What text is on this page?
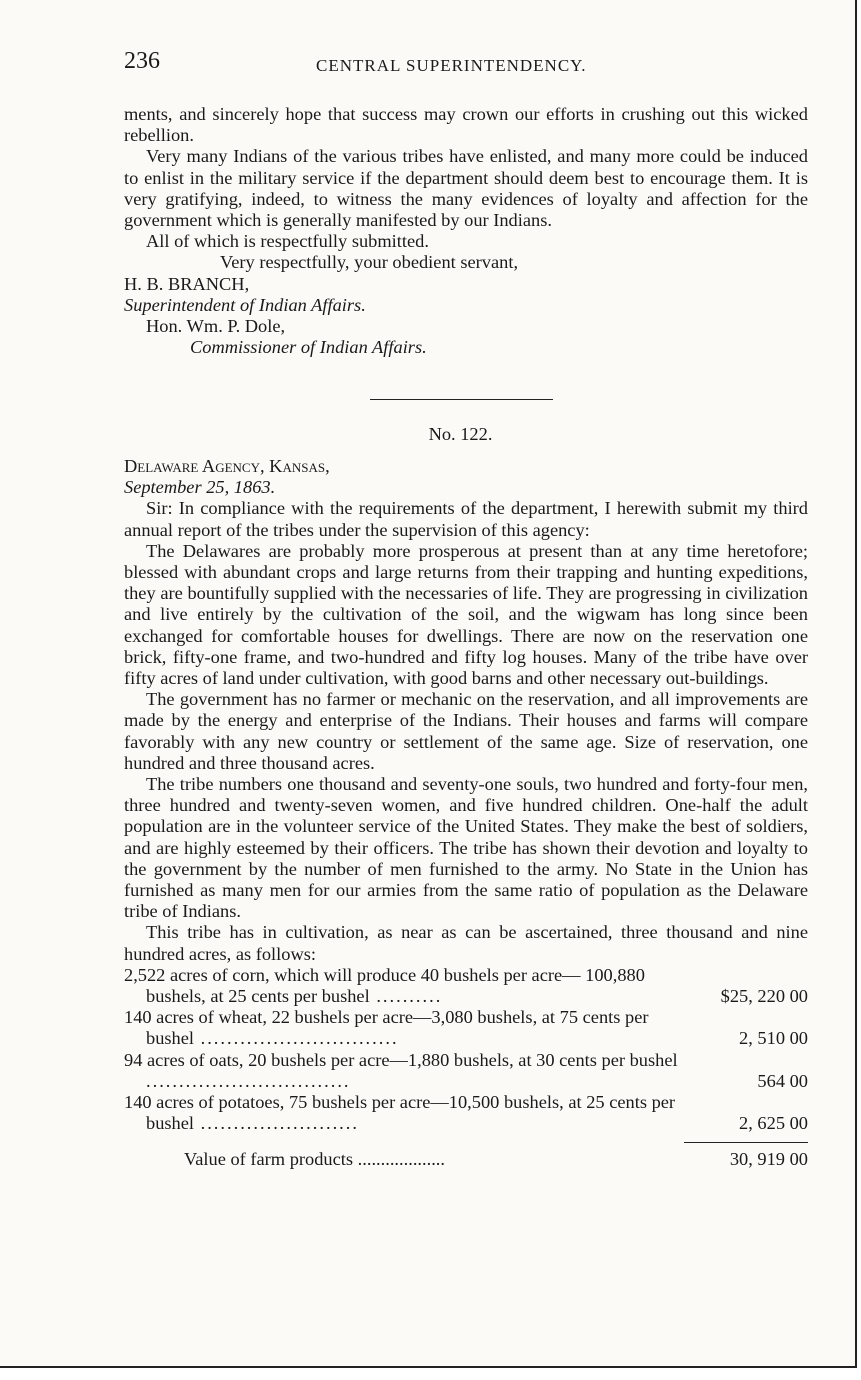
236	CENTRAL SUPERINTENDENCY.

ments, and sincerely hope that success may crown our efforts in crushing out this wicked rebellion.

Very many Indians of the various tribes have enlisted, and many more could be induced to enlist in the military service if the department should deem best to encourage them. It is very gratifying, indeed, to witness the many evidences of loyalty and affection for the government which is generally manifested by our Indians.

All of which is respectfully submitted.

Very respectfully, your obedient servant,

H. B. BRANCH,

Superintendent of Indian Affairs.

Hon. Wm. P. Dole,

Commissioner of Indian Affairs.

No. 122.

Delaware Agency, Kansas,

September 25, 1863.

Sir: In compliance with the requirements of the department, I herewith submit my third annual report of the tribes under the supervision of this agency:

The Delawares are probably more prosperous at present than at any time heretofore; blessed with abundant crops and large returns from their trapping and hunting expeditions, they are bountifully supplied with the necessaries of life. They are progressing in civilization and live entirely by the cultivation of the soil, and the wigwam has long since been exchanged for comfortable houses for dwellings. There are now on the reservation one brick, fifty-one frame, and two-hundred and fifty log houses. Many of the tribe have over fifty acres of land under cultivation, with good barns and other necessary out-buildings.

The government has no farmer or mechanic on the reservation, and all improvements are made by the energy and enterprise of the Indians. Their houses and farms will compare favorably with any new country or settlement of the same age. Size of reservation, one hundred and three thousand acres.

The tribe numbers one thousand and seventy-one souls, two hundred and forty-four men, three hundred and twenty-seven women, and five hundred children. One-half the adult population are in the volunteer service of the United States. They make the best of soldiers, and are highly esteemed by their officers. The tribe has shown their devotion and loyalty to the government by the number of men furnished to the army. No State in the Union has furnished as many men for our armies from the same ratio of population as the Delaware tribe of Indians.

This tribe has in cultivation, as near as can be ascertained, three thousand and nine hundred acres, as follows:

2,522 acres of corn, which will produce 40 bushels per acre— 100,880 bushels, at 25 cents per bushel ..........	$25, 220 00
140 acres of wheat, 22 bushels per acre—3,080 bushels, at 75 cents per bushel ..............................	2, 510 00
94 acres of oats, 20 bushels per acre—1,880 bushels, at 30 cents per bushel ...............................	564 00
140 acres of potatoes, 75 bushels per acre—10,500 bushels, at 25 cents per bushel ........................	2, 625 00
Value of farm products ...................	30, 919 00
